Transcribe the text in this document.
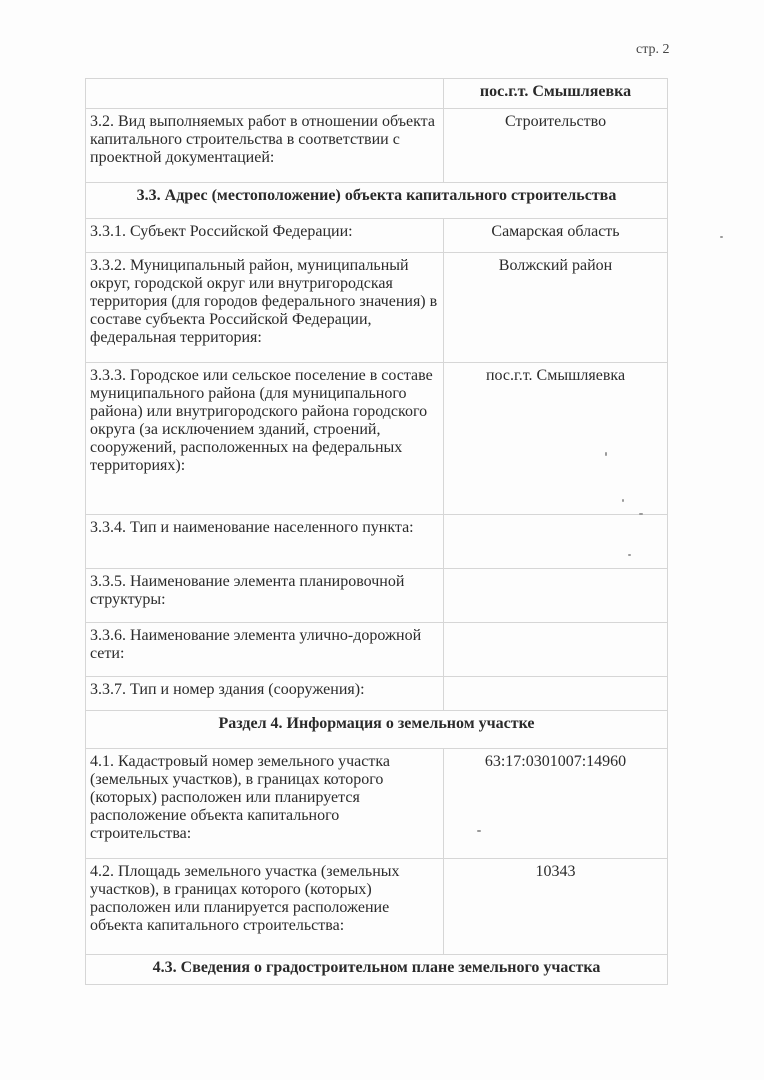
стр. 2
	пос.г.т. Смышляевка
3.2. Вид выполняемых работ в отношении объекта капитального строительства в соответствии с проектной документацией:	Строительство
3.3. Адрес (местоположение) объекта капитального строительства	
3.3.1. Субъект Российской Федерации:	Самарская область
3.3.2. Муниципальный район, муниципальный округ, городской округ или внутригородская территория (для городов федерального значения) в составе субъекта Российской Федерации, федеральная территория:	Волжский район
3.3.3. Городское или сельское поселение в составе муниципального района (для муниципального района) или внутригородского района городского округа (за исключением зданий, строений, сооружений, расположенных на федеральных территориях):	пос.г.т. Смышляевка
3.3.4. Тип и наименование населенного пункта:	
3.3.5. Наименование элемента планировочной структуры:	
3.3.6. Наименование элемента улично-дорожной сети:	
3.3.7. Тип и номер здания (сооружения):	
Раздел 4. Информация о земельном участке	
4.1. Кадастровый номер земельного участка (земельных участков), в границах которого (которых) расположен или планируется расположение объекта капитального строительства:	63:17:0301007:14960
4.2. Площадь земельного участка (земельных участков), в границах которого (которых) расположен или планируется расположение объекта капитального строительства:	10343
4.3. Сведения о градостроительном плане земельного участка	
